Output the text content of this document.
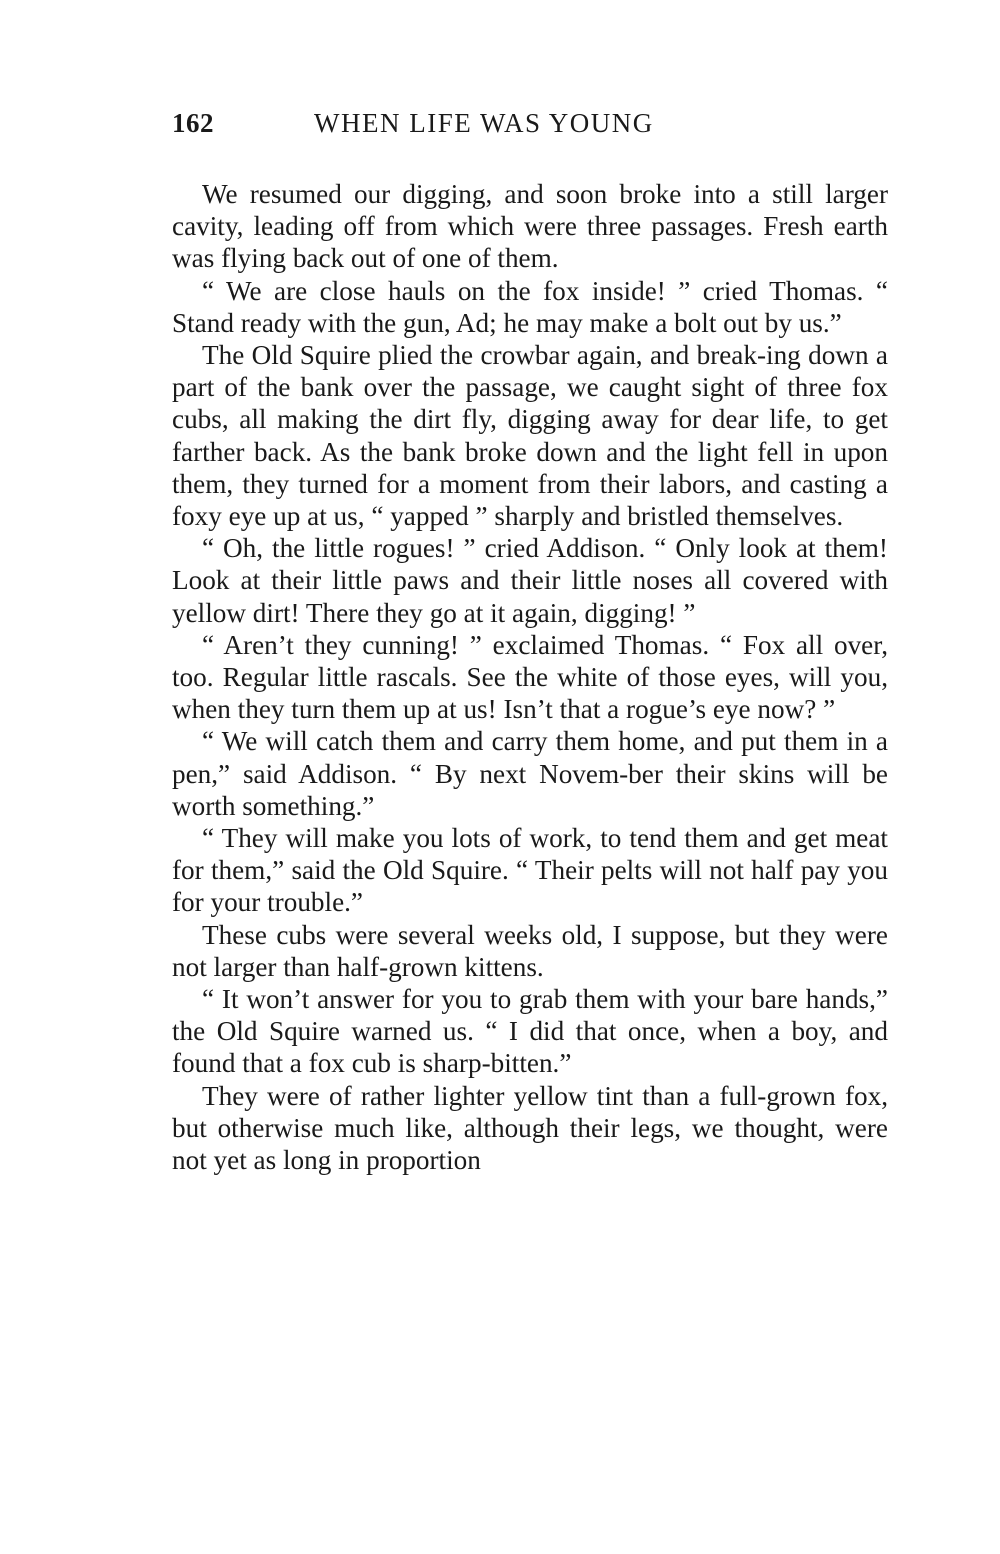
162	WHEN LIFE WAS YOUNG

We resumed our digging, and soon broke into a still larger cavity, leading off from which were three passages. Fresh earth was flying back out of one of them.

“ We are close hauls on the fox inside! ” cried Thomas. “ Stand ready with the gun, Ad; he may make a bolt out by us.”

The Old Squire plied the crowbar again, and break-ing down a part of the bank over the passage, we caught sight of three fox cubs, all making the dirt fly, digging away for dear life, to get farther back. As the bank broke down and the light fell in upon them, they turned for a moment from their labors, and casting a foxy eye up at us, “ yapped ” sharply and bristled themselves.

“ Oh, the little rogues! ” cried Addison. “ Only look at them! Look at their little paws and their little noses all covered with yellow dirt! There they go at it again, digging! ”

“ Aren’t they cunning! ” exclaimed Thomas. “ Fox all over, too. Regular little rascals. See the white of those eyes, will you, when they turn them up at us! Isn’t that a rogue’s eye now? ”

“ We will catch them and carry them home, and put them in a pen,” said Addison. “ By next Novem-ber their skins will be worth something.”

“ They will make you lots of work, to tend them and get meat for them,” said the Old Squire. “ Their pelts will not half pay you for your trouble.”

These cubs were several weeks old, I suppose, but they were not larger than half-grown kittens.

“ It won’t answer for you to grab them with your bare hands,” the Old Squire warned us. “ I did that once, when a boy, and found that a fox cub is sharp-bitten.”

They were of rather lighter yellow tint than a full-grown fox, but otherwise much like, although their legs, we thought, were not yet as long in proportion
